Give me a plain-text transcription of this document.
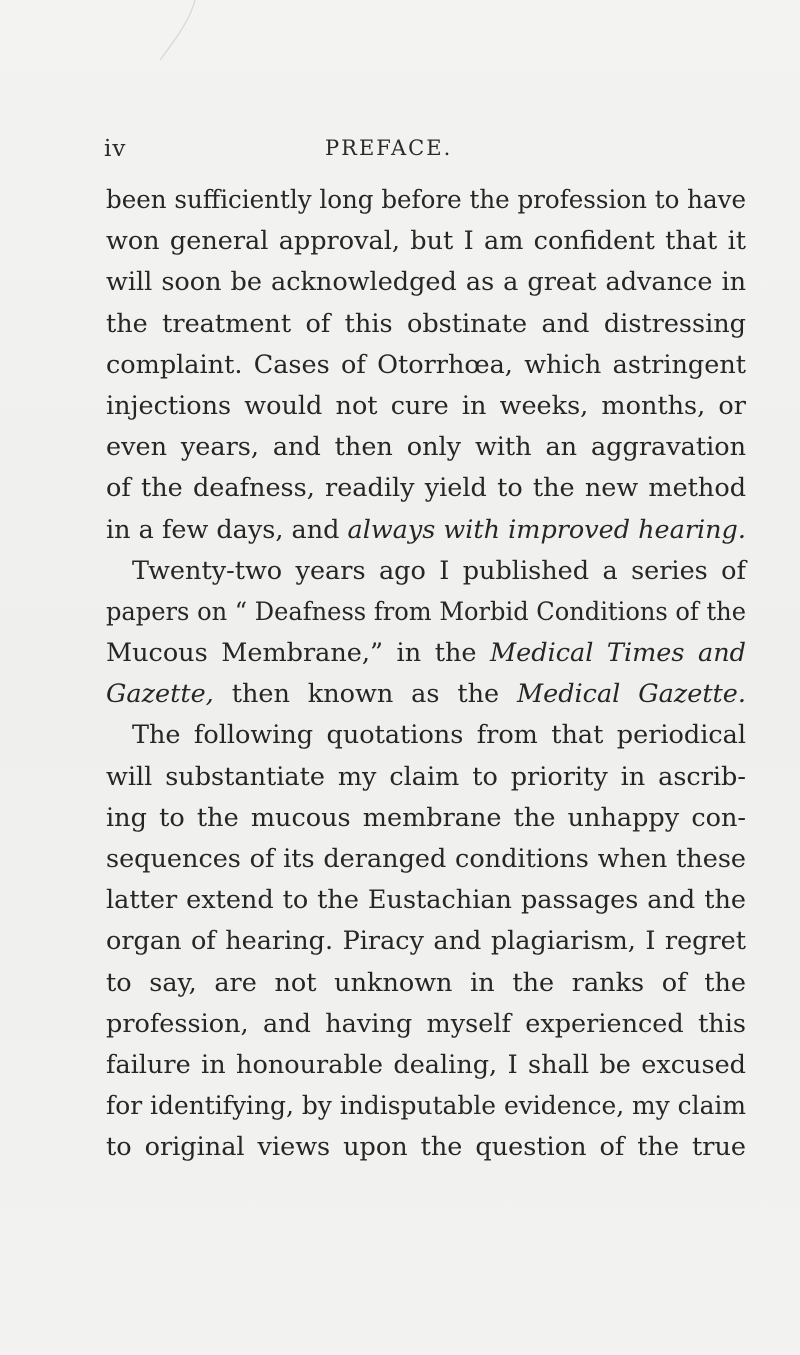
iv	PREFACE.
been sufficiently long before the profession to have
won general approval, but I am confident that it
will soon be acknowledged as a great advance in
the treatment of this obstinate and distressing
complaint. Cases of Otorrhœa, which astringent
injections would not cure in weeks, months, or
even years, and then only with an aggravation
of the deafness, readily yield to the new method
in a few days, and always with improved hearing.
Twenty-two years ago I published a series of
papers on “ Deafness from Morbid Conditions of the
Mucous Membrane,” in the Medical Times and
Gazette, then known as the Medical Gazette.
The following quotations from that periodical
will substantiate my claim to priority in ascrib-
ing to the mucous membrane the unhappy con-
sequences of its deranged conditions when these
latter extend to the Eustachian passages and the
organ of hearing. Piracy and plagiarism, I regret
to say, are not unknown in the ranks of the
profession, and having myself experienced this
failure in honourable dealing, I shall be excused
for identifying, by indisputable evidence, my claim
to original views upon the question of the true
